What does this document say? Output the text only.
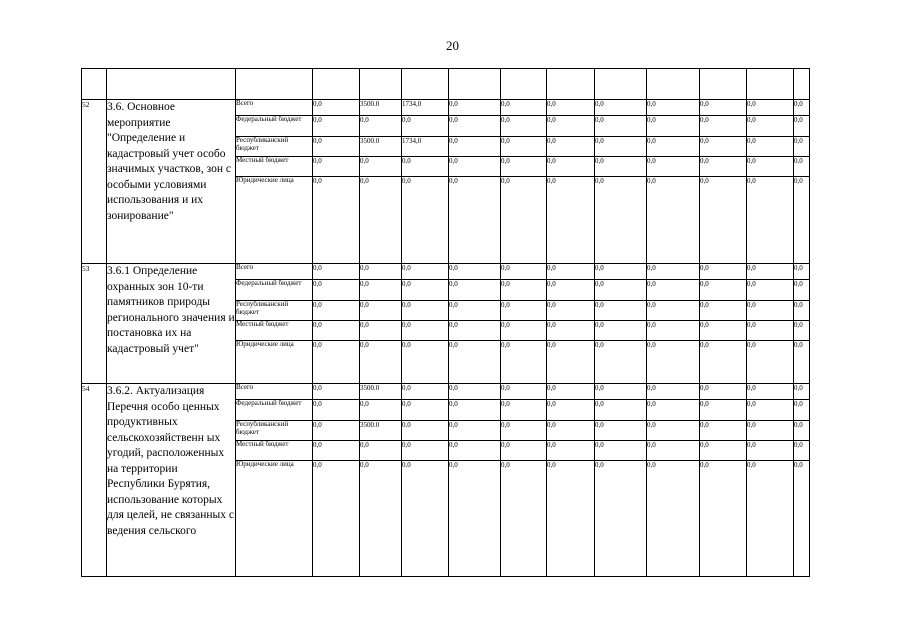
20

52	3.6. Основное мероприятие "Определение и кадастровый учет особо значимых участков, зон с особыми условиями использования и их зонирование"	Всего	0,0	3500.0	1734,0	0,0	0,0	0,0	0,0	0,0	0,0	0,0	0,0
		Федеральный бюджет	0,0	0,0	0,0	0,0	0,0	0,0	0,0	0,0	0,0	0,0	0,0
		Республиканский бюджет	0,0	3500.0	1734,0	0,0	0,0	0,0	0,0	0,0	0,0	0,0	0,0
		Местный бюджет	0,0	0,0	0,0	0,0	0,0	0,0	0,0	0,0	0,0	0,0	0,0
		Юридические лица	0,0	0,0	0,0	0,0	0,0	0,0	0,0	0,0	0,0	0,0	0,0
53	3.6.1 Определение охранных зон 10-ти памятников природы регионального значения и постановка их на кадастровый учет"	Всего	0,0	0,0	0,0	0,0	0,0	0,0	0,0	0,0	0,0	0,0	0,0
		Федеральный бюджет	0,0	0,0	0,0	0,0	0,0	0,0	0,0	0,0	0,0	0,0	0,0
		Республиканский бюджет	0,0	0,0	0,0	0,0	0,0	0,0	0,0	0,0	0,0	0,0	0,0
		Местный бюджет	0,0	0,0	0,0	0,0	0,0	0,0	0,0	0,0	0,0	0,0	0,0
		Юридические лица	0,0	0,0	0,0	0,0	0,0	0,0	0,0	0,0	0,0	0,0	0,0
54	3.6.2. Актуализация Перечня особо ценных продуктивных сельскохозяйственн ых угодий, расположенных на территории Республики Бурятия, использование которых для целей, не связанных с ведения сельского	Всего	0,0	3500.0	0,0	0,0	0,0	0,0	0,0	0,0	0,0	0,0	0,0
		Федеральный бюджет	0,0	0,0	0,0	0,0	0,0	0,0	0,0	0,0	0,0	0,0	0,0
		Республиканский бюджет	0,0	3500.0	0,0	0,0	0,0	0,0	0,0	0,0	0,0	0,0	0,0
		Местный бюджет	0,0	0,0	0,0	0,0	0,0	0,0	0,0	0,0	0,0	0,0	0,0
		Юридические лица	0,0	0,0	0,0	0,0	0,0	0,0	0,0	0,0	0,0	0,0	0,0
